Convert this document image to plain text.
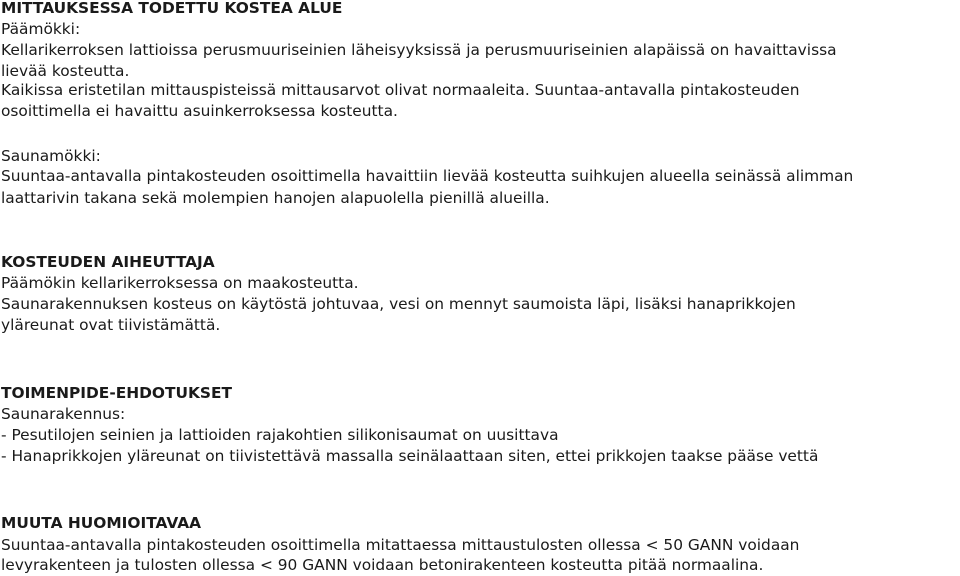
MITTAUKSESSA TODETTU KOSTEA ALUE

Päämökki:

Kellarikerroksen lattioissa perusmuuriseinien läheisyyksissä ja perusmuuriseinien alapäissä on havaittavissa

lievää kosteutta.

Kaikissa eristetilan mittauspisteissä mittausarvot olivat normaaleita. Suuntaa-antavalla pintakosteuden

osoittimella ei havaittu asuinkerroksessa kosteutta.

Saunamökki:

Suuntaa-antavalla pintakosteuden osoittimella havaittiin lievää kosteutta suihkujen alueella seinässä alimman

laattarivin takana sekä molempien hanojen alapuolella pienillä alueilla.

KOSTEUDEN AIHEUTTAJA

Päämökin kellarikerroksessa on maakosteutta.

Saunarakennuksen kosteus on käytöstä johtuvaa, vesi on mennyt saumoista läpi, lisäksi hanaprikkojen

yläreunat ovat tiivistämättä.

TOIMENPIDE-EHDOTUKSET

Saunarakennus:

- Pesutilojen seinien ja lattioiden rajakohtien silikonisaumat on uusittava

- Hanaprikkojen yläreunat on tiivistettävä massalla seinälaattaan siten, ettei prikkojen taakse pääse vettä

MUUTA HUOMIOITAVAA

Suuntaa-antavalla pintakosteuden osoittimella mitattaessa mittaustulosten ollessa < 50 GANN voidaan

levyrakenteen ja tulosten ollessa < 90 GANN voidaan betonirakenteen kosteutta pitää normaalina.
